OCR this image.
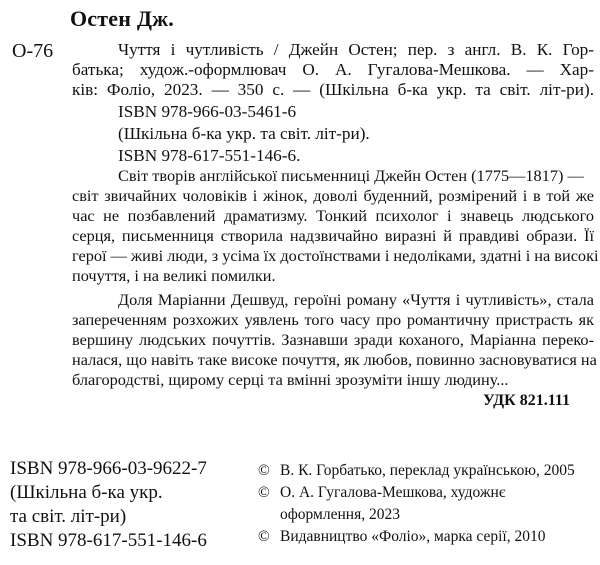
Остен Дж.
О-76	Чуття і чутливість / Джейн Остен; пер. з англ. В. К. Гор-
батька; худож.-оформлювач О. А. Гугалова-Мешкова. — Хар-
ків: Фоліо, 2023. — 350 с. — (Шкільна б-ка укр. та світ. літ-ри).
ISBN 978-966-03-5461-6
(Шкільна б-ка укр. та світ. літ-ри).
ISBN 978-617-551-146-6.
Світ творів англійської письменниці Джейн Остен (1775—1817) —
світ звичайних чоловіків і жінок, доволі буденний, розмірений і в той же
час не позбавлений драматизму. Тонкий психолог і знавець людського
серця, письменниця створила надзвичайно виразні й правдиві образи. Її
герої — живі люди, з усіма їх достоїнствами і недоліками, здатні і на високі
почуття, і на великі помилки.
Доля Маріанни Дешвуд, героїні роману «Чуття і чутливість», стала
запереченням розхожих уявлень того часу про романтичну пристрасть як
вершину людських почуттів. Зазнавши зради коханого, Маріанна переко-
налася, що навіть таке високе почуття, як любов, повинно засновуватися на
благородстві, щирому серці та вмінні зрозуміти іншу людину...
УДК 821.111
ISBN 978-966-03-9622-7
(Шкільна б-ка укр.
та світ. літ-ри)
ISBN 978-617-551-146-6
© В. К. Горбатько, переклад українською, 2005
© О. А. Гугалова-Мешкова, художнє
оформлення, 2023
© Видавництво «Фоліо», марка серії, 2010
